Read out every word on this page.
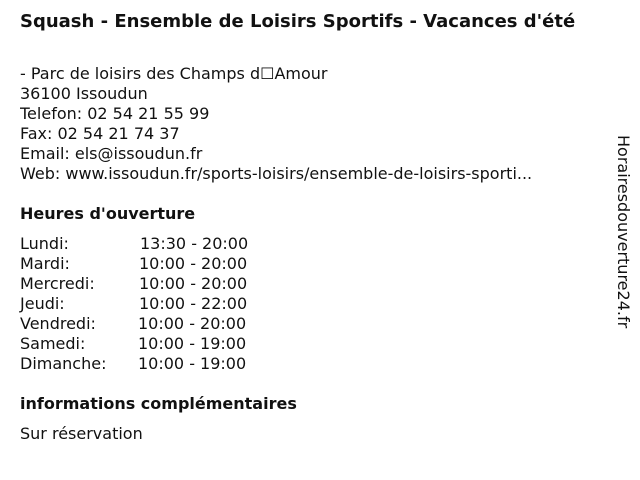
Squash - Ensemble de Loisirs Sportifs - Vacances d'été
- Parc de loisirs des Champs d☐Amour
36100 Issoudun
Telefon: 02 54 21 55 99
Fax: 02 54 21 74 37
Email: els@issoudun.fr
Web: www.issoudun.fr/sports-loisirs/ensemble-de-loisirs-sporti...
Heures d'ouverture
Lundi:	13:30 - 20:00
Mardi:	10:00 - 20:00
Mercredi:	10:00 - 20:00
Jeudi:	10:00 - 22:00
Vendredi:	10:00 - 20:00
Samedi:	10:00 - 19:00
Dimanche: 10:00 - 19:00
informations complémentaires
Sur réservation
Horairesdouverture24.fr
